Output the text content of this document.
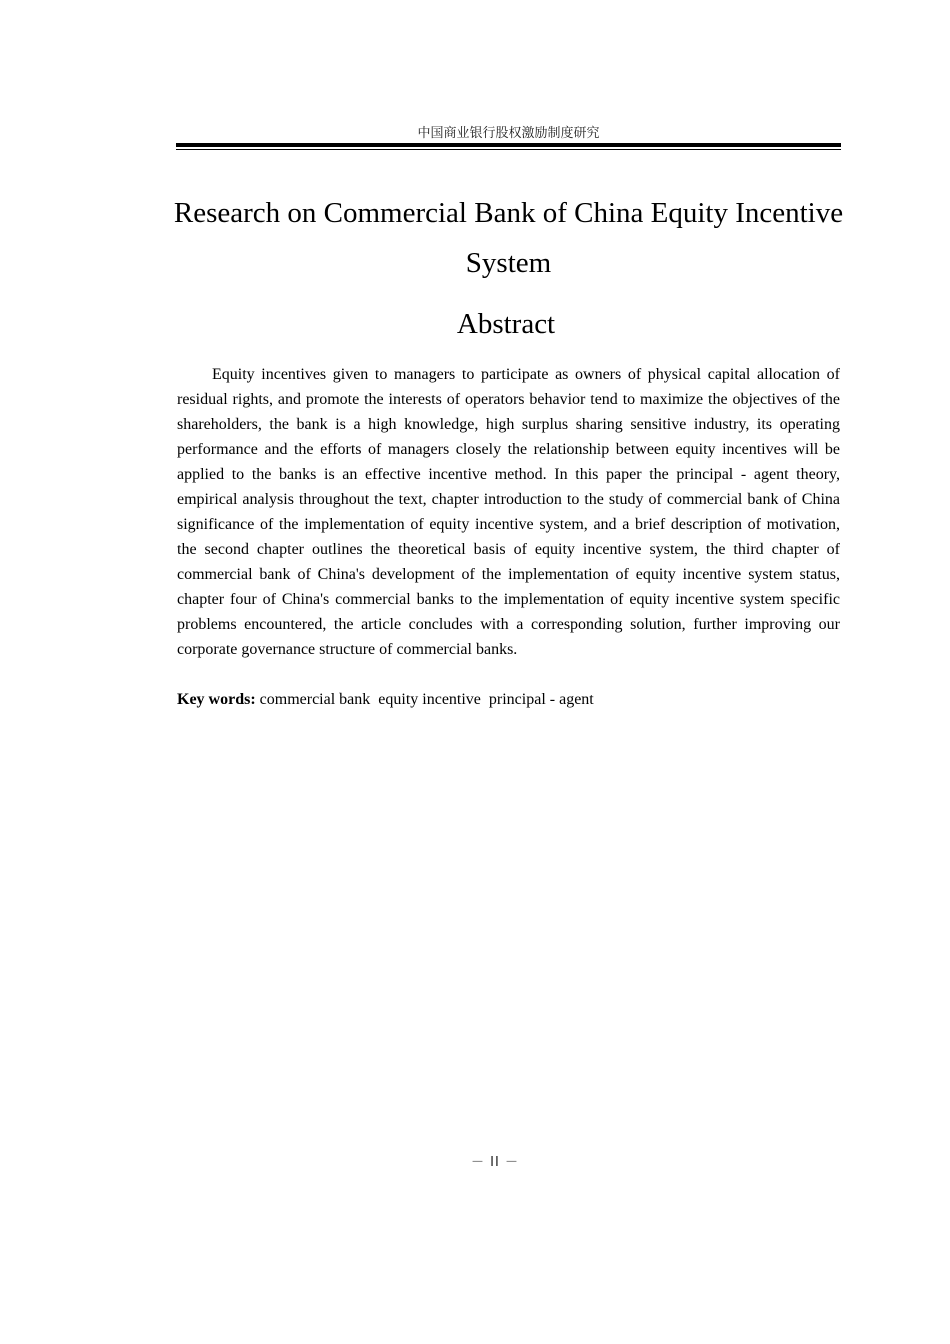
中国商业银行股权激励制度研究
Research on Commercial Bank of China Equity Incentive System
Abstract

Equity incentives given to managers to participate as owners of physical capital allocation of residual rights, and promote the interests of operators behavior tend to maximize the objectives of the shareholders, the bank is a high knowledge, high surplus sharing sensitive industry, its operating performance and the efforts of managers closely the relationship between equity incentives will be applied to the banks is an effective incentive method. In this paper the principal - agent theory, empirical analysis throughout the text, chapter introduction to the study of commercial bank of China significance of the implementation of equity incentive system, and a brief description of motivation, the second chapter outlines the theoretical basis of equity incentive system, the third chapter of commercial bank of China's development of the implementation of equity incentive system status, chapter four of China's commercial banks to the implementation of equity incentive system specific problems encountered, the article concludes with a corresponding solution, further improving our corporate governance structure of commercial banks.

Key words: commercial bank  equity incentive  principal - agent

－ II －
